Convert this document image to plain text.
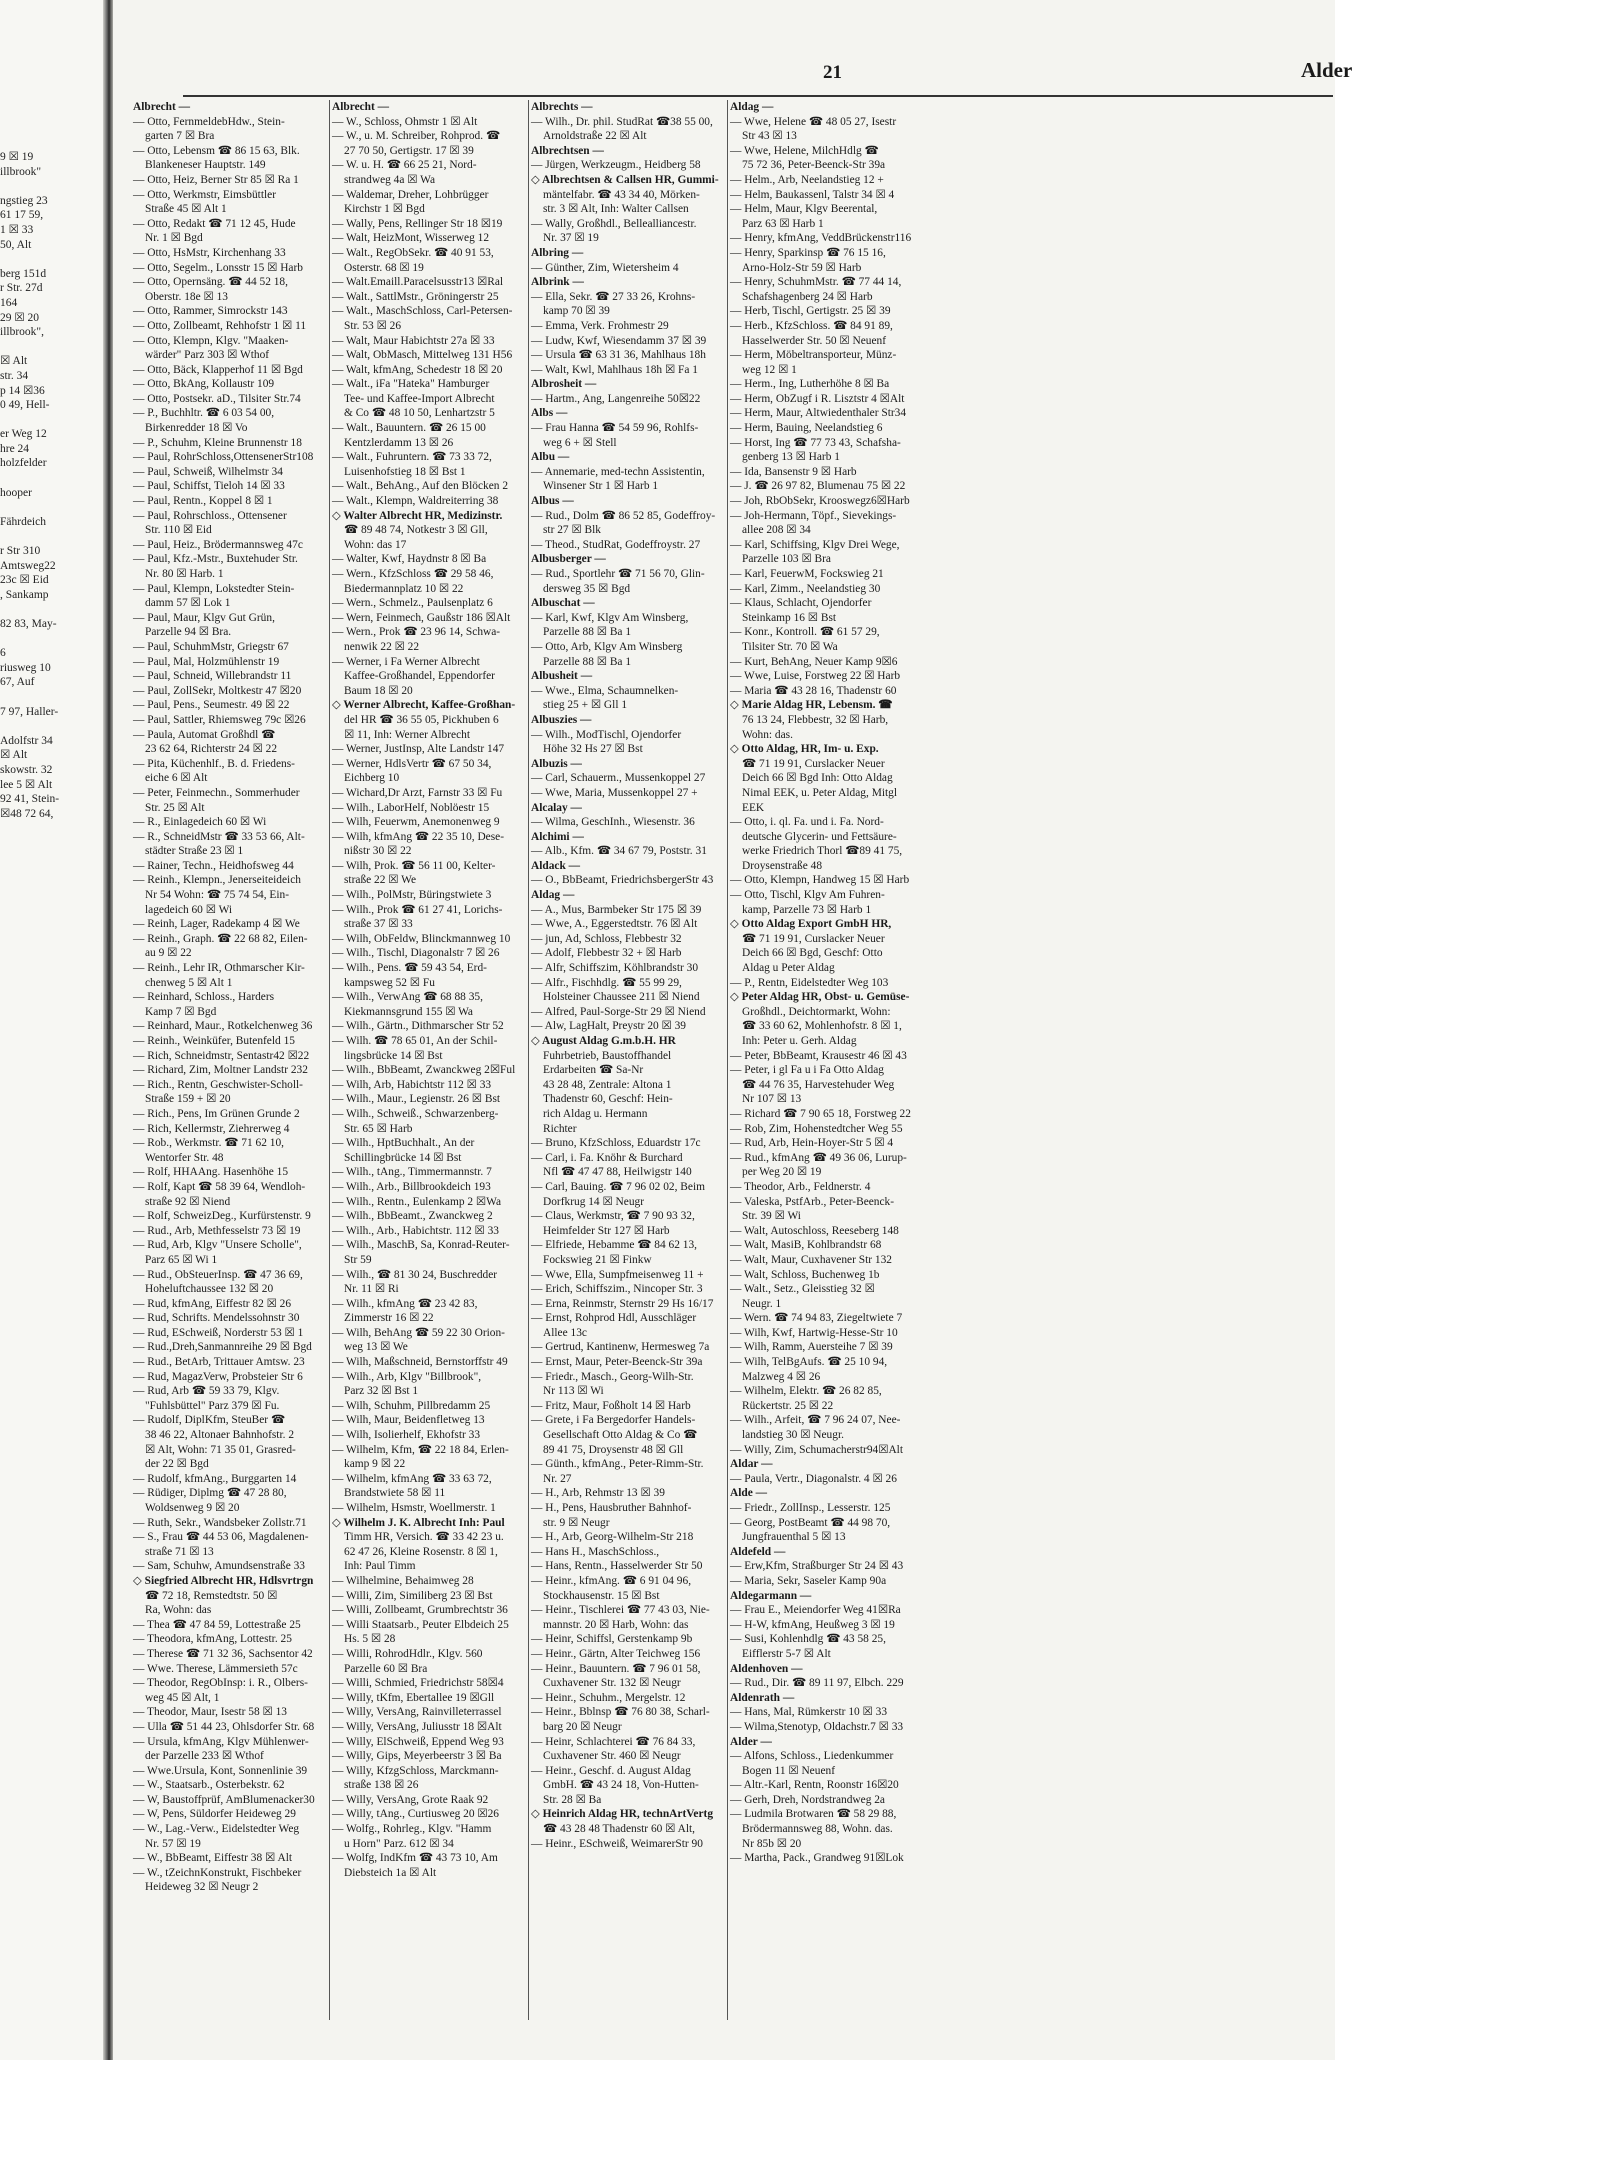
9 ☒ 19
illbrook"
ngstieg 23
61 17 59,
1 ☒ 33
50, Alt
berg 151d
r Str. 27d
164
29 ☒ 20
illbrook",
☒ Alt
str. 34
p 14 ☒36
0 49, Hell-
er Weg 12
hre 24
holzfelder
hooper
Fährdeich
r Str 310
Amtsweg22
23c ☒ Eid
, Sankamp
82 83, May-
6
riusweg 10
67, Auf
7 97, Haller-
Adolfstr 34
☒ Alt
skowstr. 32
lee 5 ☒ Alt
92 41, Stein-
☒48 72 64,
21	Alder
Albrecht —
— Otto, FernmeldebHdw., Stein-
garten 7 ☒ Bra
— Otto, Lebensm ☎ 86 15 63, Blk.
Blankeneser Hauptstr. 149
— Otto, Heiz, Berner Str 85 ☒ Ra 1
— Otto, Werkmstr, Eimsbüttler
Straße 45 ☒ Alt 1
— Otto, Redakt ☎ 71 12 45, Hude
Nr. 1 ☒ Bgd
— Otto, HsMstr, Kirchenhang 33
— Otto, Segelm., Lonsstr 15 ☒ Harb
— Otto, Opernsäng. ☎ 44 52 18,
Oberstr. 18e ☒ 13
— Otto, Rammer, Simrockstr 143
— Otto, Zollbeamt, Rehhofstr 1 ☒ 11
— Otto, Klempn, Klgv. "Maaken-
wärder" Parz 303 ☒ Wthof
— Otto, Bäck, Klapperhof 11 ☒ Bgd
— Otto, BkAng, Kollaustr 109
— Otto, Postsekr. aD., Tilsiter Str.74
— P., Buchhltr. ☎ 6 03 54 00,
Birkenredder 18 ☒ Vo
— P., Schuhm, Kleine Brunnenstr 18
— Paul, RohrSchloss,OttensenerStr108
— Paul, Schweiß, Wilhelmstr 34
— Paul, Schiffst, Tieloh 14 ☒ 33
— Paul, Rentn., Koppel 8 ☒ 1
— Paul, Rohrschloss., Ottensener
Str. 110 ☒ Eid
— Paul, Heiz., Brödermannsweg 47c
— Paul, Kfz.-Mstr., Buxtehuder Str.
Nr. 80 ☒ Harb. 1
— Paul, Klempn, Lokstedter Stein-
damm 57 ☒ Lok 1
— Paul, Maur, Klgv Gut Grün,
Parzelle 94 ☒ Bra.
— Paul, SchuhmMstr, Griegstr 67
— Paul, Mal, Holzmühlenstr 19
— Paul, Schneid, Willebrandstr 11
— Paul, ZollSekr, Moltkestr 47 ☒20
— Paul, Pens., Seumestr. 49 ☒ 22
— Paul, Sattler, Rhiemsweg 79c ☒26
— Paula, Automat Großhdl ☎
23 62 64, Richterstr 24 ☒ 22
— Pita, Küchenhlf., B. d. Friedens-
eiche 6 ☒ Alt
— Peter, Feinmechn., Sommerhuder
Str. 25 ☒ Alt
— R., Einlagedeich 60 ☒ Wi
— R., SchneidMstr ☎ 33 53 66, Alt-
städter Straße 23 ☒ 1
— Rainer, Techn., Heidhofsweg 44
— Reinh., Klempn., Jenerseiteideich
Nr 54 Wohn: ☎ 75 74 54, Ein-
lagedeich 60 ☒ Wi
— Reinh, Lager, Radekamp 4 ☒ We
— Reinh., Graph. ☎ 22 68 82, Eilen-
au 9 ☒ 22
— Reinh., Lehr IR, Othmarscher Kir-
chenweg 5 ☒ Alt 1
— Reinhard, Schloss., Harders
Kamp 7 ☒ Bgd
— Reinhard, Maur., Rotkelchenweg 36
— Reinh., Weinküfer, Butenfeld 15
— Rich, Schneidmstr, Sentastr42 ☒22
— Richard, Zim, Moltner Landstr 232
— Rich., Rentn, Geschwister-Scholl-
Straße 159 + ☒ 20
— Rich., Pens, Im Grünen Grunde 2
— Rich, Kellermstr, Ziehrerweg 4
— Rob., Werkmstr. ☎ 71 62 10,
Wentorfer Str. 48
— Rolf, HHAAng. Hasenhöhe 15
— Rolf, Kapt ☎ 58 39 64, Wendloh-
straße 92 ☒ Niend
— Rolf, SchweizDeg., Kurfürstenstr. 9
— Rud., Arb, Methfesselstr 73 ☒ 19
— Rud, Arb, Klgv "Unsere Scholle",
Parz 65 ☒ Wi 1
— Rud., ObSteuerInsp. ☎ 47 36 69,
Hoheluftchaussee 132 ☒ 20
— Rud, kfmAng, Eiffestr 82 ☒ 26
— Rud, Schrifts. Mendelssohnstr 30
— Rud, ESchweiß, Norderstr 53 ☒ 1
— Rud.,Dreh,Sanmannreihe 29 ☒ Bgd
— Rud., BetArb, Trittauer Amtsw. 23
— Rud, MagazVerw, Probsteier Str 6
— Rud, Arb ☎ 59 33 79, Klgv.
"Fuhlsbüttel" Parz 379 ☒ Fu.
— Rudolf, DiplKfm, SteuBer ☎
38 46 22, Altonaer Bahnhofstr. 2
☒ Alt, Wohn: 71 35 01, Grasred-
der 22 ☒ Bgd
— Rudolf, kfmAng., Burggarten 14
— Rüdiger, Diplmg ☎ 47 28 80,
Woldsenweg 9 ☒ 20
— Ruth, Sekr., Wandsbeker Zollstr.71
— S., Frau ☎ 44 53 06, Magdalenen-
straße 71 ☒ 13
— Sam, Schuhw, Amundsenstraße 33
◇ Siegfried Albrecht HR, Hdlsvrtrgn
☎ 72 18, Remstedtstr. 50 ☒
Ra, Wohn: das
— Thea ☎ 47 84 59, Lottestraße 25
— Theodora, kfmAng, Lottestr. 25
— Therese ☎ 71 32 36, Sachsentor 42
— Wwe. Therese, Lämmersieth 57c
— Theodor, RegObInsp: i. R., Olbers-
weg 45 ☒ Alt, 1
— Theodor, Maur, Isestr 58 ☒ 13
— Ulla ☎ 51 44 23, Ohlsdorfer Str. 68
— Ursula, kfmAng, Klgv Mühlenwer-
der Parzelle 233 ☒ Wthof
— Wwe.Ursula, Kont, Sonnenlinie 39
— W., Staatsarb., Osterbekstr. 62
— W, Baustoffprüf, AmBlumenacker30
— W, Pens, Süldorfer Heideweg 29
— W., Lag.-Verw., Eidelstedter Weg
Nr. 57 ☒ 19
— W., BbBeamt, Eiffestr 38 ☒ Alt
— W., tZeichnKonstrukt, Fischbeker
Heideweg 32 ☒ Neugr 2
Albrecht —
— W., Schloss, Ohmstr 1 ☒ Alt
— W., u. M. Schreiber, Rohprod. ☎
27 70 50, Gertigstr. 17 ☒ 39
— W. u. H. ☎ 66 25 21, Nord-
strandweg 4a ☒ Wa
— Waldemar, Dreher, Lohbrügger
Kirchstr 1 ☒ Bgd
— Wally, Pens, Rellinger Str 18 ☒19
— Walt, HeizMont, Wisserweg 12
— Walt., RegObSekr. ☎ 40 91 53,
Osterstr. 68 ☒ 19
— Walt.Emaill.Paracelsusstr13 ☒Ral
— Walt., SattlMstr., Gröningerstr 25
— Walt., MaschSchloss, Carl-Petersen-
Str. 53 ☒ 26
— Walt, Maur Habichtstr 27a ☒ 33
— Walt, ObMasch, Mittelweg 131 H56
— Walt, kfmAng, Schedestr 18 ☒ 20
— Walt., iFa "Hateka" Hamburger
Tee- und Kaffee-Import Albrecht
& Co ☎ 48 10 50, Lenhartzstr 5
— Walt., Bauuntern. ☎ 26 15 00
Kentzlerdamm 13 ☒ 26
— Walt., Fuhruntern. ☎ 73 33 72,
Luisenhofstieg 18 ☒ Bst 1
— Walt., BehAng., Auf den Blöcken 2
— Walt., Klempn, Waldreiterring 38
◇ Walter Albrecht HR, Medizinstr.
☎ 89 48 74, Notkestr 3 ☒ Gll,
Wohn: das 17
— Walter, Kwf, Haydnstr 8 ☒ Ba
— Wern., KfzSchloss ☎ 29 58 46,
Biedermannplatz 10 ☒ 22
— Wern., Schmelz., Paulsenplatz 6
— Wern, Feinmech, Gaußstr 186 ☒Alt
— Wern., Prok ☎ 23 96 14, Schwa-
nenwik 22 ☒ 22
— Werner, i Fa Werner Albrecht
Kaffee-Großhandel, Eppendorfer
Baum 18 ☒ 20
◇ Werner Albrecht, Kaffee-Großhan-
del HR ☎ 36 55 05, Pickhuben 6
☒ 11, Inh: Werner Albrecht
— Werner, JustInsp, Alte Landstr 147
— Werner, HdlsVertr ☎ 67 50 34,
Eichberg 10
— Wichard,Dr Arzt, Farnstr 33 ☒ Fu
— Wilh., LaborHelf, Noblöestr 15
— Wilh, Feuerwm, Anemonenweg 9
— Wilh, kfmAng ☎ 22 35 10, Dese-
nißstr 30 ☒ 22
— Wilh, Prok. ☎ 56 11 00, Kelter-
straße 22 ☒ We
— Wilh., PolMstr, Büringstwiete 3
— Wilh., Prok ☎ 61 27 41, Lorichs-
straße 37 ☒ 33
— Wilh, ObFeldw, Blinckmannweg 10
— Wilh., Tischl, Diagonalstr 7 ☒ 26
— Wilh., Pens. ☎ 59 43 54, Erd-
kampsweg 52 ☒ Fu
— Wilh., VerwAng ☎ 68 88 35,
Kiekmannsgrund 155 ☒ Wa
— Wilh., Gärtn., Dithmarscher Str 52
— Wilh. ☎ 78 65 01, An der Schil-
lingsbrücke 14 ☒ Bst
— Wilh., BbBeamt, Zwanckweg 2☒Ful
— Wilh, Arb, Habichtstr 112 ☒ 33
— Wilh., Maur., Legienstr. 26 ☒ Bst
— Wilh., Schweiß., Schwarzenberg-
Str. 65 ☒ Harb
— Wilh., HptBuchhalt., An der
Schillingbrücke 14 ☒ Bst
— Wilh., tAng., Timmermannstr. 7
— Wilh., Arb., Billbrookdeich 193
— Wilh., Rentn., Eulenkamp 2 ☒Wa
— Wilh., BbBeamt., Zwanckweg 2
— Wilh., Arb., Habichtstr. 112 ☒ 33
— Wilh., MaschB, Sa, Konrad-Reuter-
Str 59
— Wilh., ☎ 81 30 24, Buschredder
Nr. 11 ☒ Ri
— Wilh., kfmAng ☎ 23 42 83,
Zimmerstr 16 ☒ 22
— Wilh, BehAng ☎ 59 22 30 Orion-
weg 13 ☒ We
— Wilh, Maßschneid, Bernstorffstr 49
— Wilh., Arb, Klgv "Billbrook",
Parz 32 ☒ Bst 1
— Wilh, Schuhm, Pillbredamm 25
— Wilh, Maur, Beidenfletweg 13
— Wilh, Isolierhelf, Ekhofstr 33
— Wilhelm, Kfm, ☎ 22 18 84, Erlen-
kamp 9 ☒ 22
— Wilhelm, kfmAng ☎ 33 63 72,
Brandstwiete 58 ☒ 11
— Wilhelm, Hsmstr, Woellmerstr. 1
◇ Wilhelm J. K. Albrecht Inh: Paul
Timm HR, Versich. ☎ 33 42 23 u.
62 47 26, Kleine Rosenstr. 8 ☒ 1,
Inh: Paul Timm
— Wilhelmine, Behaimweg 28
— Willi, Zim, Similiberg 23 ☒ Bst
— Willi, Zollbeamt, Grumbrechtstr 36
— Willi Staatsarb., Peuter Elbdeich 25
Hs. 5 ☒ 28
— Willi, RohrodHdlr., Klgv. 560
Parzelle 60 ☒ Bra
— Willi, Schmied, Friedrichstr 58☒4
— Willy, tKfm, Ebertallee 19 ☒Gll
— Willy, VersAng, Rainvilleterrassel
— Willy, VersAng, Juliusstr 18 ☒Alt
— Willy, ElSchweiß, Eppend Weg 93
— Willy, Gips, Meyerbeerstr 3 ☒ Ba
— Willy, KfzgSchloss, Marckmann-
straße 138 ☒ 26
— Willy, VersAng, Grote Raak 92
— Willy, tAng., Curtiusweg 20 ☒26
— Wolfg., Rohrleg., Klgv. "Hamm
u Horn" Parz. 612 ☒ 34
— Wolfg, IndKfm ☎ 43 73 10, Am
Diebsteich 1a ☒ Alt
Albrechts —
— Wilh., Dr. phil. StudRat ☎38 55 00,
Arnoldstraße 22 ☒ Alt
Albrechtsen —
— Jürgen, Werkzeugm., Heidberg 58
◇ Albrechtsen & Callsen HR, Gummi-
mäntelfabr. ☎ 43 34 40, Mörken-
str. 3 ☒ Alt, Inh: Walter Callsen
— Wally, Großhdl., Bellealliancestr.
Nr. 37 ☒ 19
Albring —
— Günther, Zim, Wietersheim 4
Albrink —
— Ella, Sekr. ☎ 27 33 26, Krohns-
kamp 70 ☒ 39
— Emma, Verk. Frohmestr 29
— Ludw, Kwf, Wiesendamm 37 ☒ 39
— Ursula ☎ 63 31 36, Mahlhaus 18h
— Walt, Kwl, Mahlhaus 18h ☒ Fa 1
Albrosheit —
— Hartm., Ang, Langenreihe 50☒22
Albs —
— Frau Hanna ☎ 54 59 96, Rohlfs-
weg 6 + ☒ Stell
Albu —
— Annemarie, med-techn Assistentin,
Winsener Str 1 ☒ Harb 1
Albus —
— Rud., Dolm ☎ 86 52 85, Godeffroy-
str 27 ☒ Blk
— Theod., StudRat, Godeffroystr. 27
Albusberger —
— Rud., Sportlehr ☎ 71 56 70, Glin-
dersweg 35 ☒ Bgd
Albuschat —
— Karl, Kwf, Klgv Am Winsberg,
Parzelle 88 ☒ Ba 1
— Otto, Arb, Klgv Am Winsberg
Parzelle 88 ☒ Ba 1
Albusheit —
— Wwe., Elma, Schaumnelken-
stieg 25 + ☒ Gll 1
Albuszies —
— Wilh., ModTischl, Ojendorfer
Höhe 32 Hs 27 ☒ Bst
Albuzis —
— Carl, Schauerm., Mussenkoppel 27
— Wwe, Maria, Mussenkoppel 27 +
Alcalay —
— Wilma, GeschInh., Wiesenstr. 36
Alchimi —
— Alb., Kfm. ☎ 34 67 79, Poststr. 31
Aldack —
— O., BbBeamt, FriedrichsbergerStr 43
Aldag —
— A., Mus, Barmbeker Str 175 ☒ 39
— Wwe, A., Eggerstedtstr. 76 ☒ Alt
— jun, Ad, Schloss, Flebbestr 32
— Adolf, Flebbestr 32 + ☒ Harb
— Alfr, Schiffszim, Köhlbrandstr 30
— Alfr., Fischhdlg. ☎ 55 99 29,
Holsteiner Chaussee 211 ☒ Niend
— Alfred, Paul-Sorge-Str 29 ☒ Niend
— Alw, LagHalt, Preystr 20 ☒ 39
◇ August Aldag G.m.b.H. HR
Fuhrbetrieb, Baustoffhandel
Erdarbeiten ☎ Sa-Nr
43 28 48, Zentrale: Altona 1
Thadenstr 60, Geschf: Hein-
rich Aldag u. Hermann
Richter
— Bruno, KfzSchloss, Eduardstr 17c
— Carl, i. Fa. Knöhr & Burchard
Nfl ☎ 47 47 88, Heilwigstr 140
— Carl, Bauing. ☎ 7 96 02 02, Beim
Dorfkrug 14 ☒ Neugr
— Claus, Werkmstr, ☎ 7 90 93 32,
Heimfelder Str 127 ☒ Harb
— Elfriede, Hebamme ☎ 84 62 13,
Fockswieg 21 ☒ Finkw
— Wwe, Ella, Sumpfmeisenweg 11 +
— Erich, Schiffszim., Nincoper Str. 3
— Erna, Reinmstr, Sternstr 29 Hs 16/17
— Ernst, Rohprod Hdl, Ausschläger
Allee 13c
— Gertrud, Kantinenw, Hermesweg 7a
— Ernst, Maur, Peter-Beenck-Str 39a
— Friedr., Masch., Georg-Wilh-Str.
Nr 113 ☒ Wi
— Fritz, Maur, Foßholt 14 ☒ Harb
— Grete, i Fa Bergedorfer Handels-
Gesellschaft Otto Aldag & Co ☎
89 41 75, Droysenstr 48 ☒ Gll
— Günth., kfmAng., Peter-Rimm-Str.
Nr. 27
— H., Arb, Rehmstr 13 ☒ 39
— H., Pens, Hausbruther Bahnhof-
str. 9 ☒ Neugr
— H., Arb, Georg-Wilhelm-Str 218
— Hans H., MaschSchloss.,
— Hans, Rentn., Hasselwerder Str 50
— Heinr., kfmAng. ☎ 6 91 04 96,
Stockhausenstr. 15 ☒ Bst
— Heinr., Tischlerei ☎ 77 43 03, Nie-
mannstr. 20 ☒ Harb, Wohn: das
— Heinr, Schiffsl, Gerstenkamp 9b
— Heinr., Gärtn, Alter Teichweg 156
— Heinr., Bauuntern. ☎ 7 96 01 58,
Cuxhavener Str. 132 ☒ Neugr
— Heinr., Schuhm., Mergelstr. 12
— Heinr., Bblnsp ☎ 76 80 38, Scharl-
barg 20 ☒ Neugr
— Heinr, Schlachterei ☎ 76 84 33,
Cuxhavener Str. 460 ☒ Neugr
— Heinr., Geschf. d. August Aldag
GmbH. ☎ 43 24 18, Von-Hutten-
Str. 28 ☒ Ba
◇ Heinrich Aldag HR, technArtVertg
☎ 43 28 48 Thadenstr 60 ☒ Alt,
— Heinr., ESchweiß, WeimarerStr 90
Aldag —
— Wwe, Helene ☎ 48 05 27, Isestr
Str 43 ☒ 13
— Wwe, Helene, MilchHdlg ☎
75 72 36, Peter-Beenck-Str 39a
— Helm., Arb, Neelandstieg 12 +
— Helm, Baukassenl, Talstr 34 ☒ 4
— Helm, Maur, Klgv Beerental,
Parz 63 ☒ Harb 1
— Henry, kfmAng, VeddBrückenstr116
— Henry, Sparkinsp ☎ 76 15 16,
Arno-Holz-Str 59 ☒ Harb
— Henry, SchuhmMstr. ☎ 77 44 14,
Schafshagenberg 24 ☒ Harb
— Herb, Tischl, Gertigstr. 25 ☒ 39
— Herb., KfzSchloss. ☎ 84 91 89,
Hasselwerder Str. 50 ☒ Neuenf
— Herm, Möbeltransporteur, Münz-
weg 12 ☒ 1
— Herm., Ing, Lutherhöhe 8 ☒ Ba
— Herm, ObZugf i R. Lisztstr 4 ☒Alt
— Herm, Maur, Altwiedenthaler Str34
— Herm, Bauing, Neelandstieg 6
— Horst, Ing ☎ 77 73 43, Schafsha-
genberg 13 ☒ Harb 1
— Ida, Bansenstr 9 ☒ Harb
— J. ☎ 26 97 82, Blumenau 75 ☒ 22
— Joh, RbObSekr, Krooswegz6☒Harb
— Joh-Hermann, Töpf., Sievekings-
allee 208 ☒ 34
— Karl, Schiffsing, Klgv Drei Wege,
Parzelle 103 ☒ Bra
— Karl, FeuerwM, Fockswieg 21
— Karl, Zimm., Neelandstieg 30
— Klaus, Schlacht, Ojendorfer
Steinkamp 16 ☒ Bst
— Konr., Kontroll. ☎ 61 57 29,
Tilsiter Str. 70 ☒ Wa
— Kurt, BehAng, Neuer Kamp 9☒6
— Wwe, Luise, Forstweg 22 ☒ Harb
— Maria ☎ 43 28 16, Thadenstr 60
◇ Marie Aldag HR, Lebensm. ☎
76 13 24, Flebbestr, 32 ☒ Harb,
Wohn: das.
◇ Otto Aldag, HR, Im- u. Exp.
☎ 71 19 91, Curslacker Neuer
Deich 66 ☒ Bgd Inh: Otto Aldag
Nimal EEK, u. Peter Aldag, Mitgl
EEK
— Otto, i. ql. Fa. und i. Fa. Nord-
deutsche Glycerin- und Fettsäure-
werke Friedrich Thorl ☎89 41 75,
Droysenstraße 48
— Otto, Klempn, Handweg 15 ☒ Harb
— Otto, Tischl, Klgv Am Fuhren-
kamp, Parzelle 73 ☒ Harb 1
◇ Otto Aldag Export GmbH HR,
☎ 71 19 91, Curslacker Neuer
Deich 66 ☒ Bgd, Geschf: Otto
Aldag u Peter Aldag
— P., Rentn, Eidelstedter Weg 103
◇ Peter Aldag HR, Obst- u. Gemüse-
Großhdl., Deichtormarkt, Wohn:
☎ 33 60 62, Mohlenhofstr. 8 ☒ 1,
Inh: Peter u. Gerh. Aldag
— Peter, BbBeamt, Krausestr 46 ☒ 43
— Peter, i gl Fa u i Fa Otto Aldag
☎ 44 76 35, Harvestehuder Weg
Nr 107 ☒ 13
— Richard ☎ 7 90 65 18, Forstweg 22
— Rob, Zim, Hohenstedtcher Weg 55
— Rud, Arb, Hein-Hoyer-Str 5 ☒ 4
— Rud., kfmAng ☎ 49 36 06, Lurup-
per Weg 20 ☒ 19
— Theodor, Arb., Feldnerstr. 4
— Valeska, PstfArb., Peter-Beenck-
Str. 39 ☒ Wi
— Walt, Autoschloss, Reeseberg 148
— Walt, MasiB, Kohlbrandstr 68
— Walt, Maur, Cuxhavener Str 132
— Walt, Schloss, Buchenweg 1b
— Walt., Setz., Gleisstieg 32 ☒
Neugr. 1
— Wern. ☎ 74 94 83, Ziegeltwiete 7
— Wilh, Kwf, Hartwig-Hesse-Str 10
— Wilh, Ramm, Auersteihe 7 ☒ 39
— Wilh, TelBgAufs. ☎ 25 10 94,
Malzweg 4 ☒ 26
— Wilhelm, Elektr. ☎ 26 82 85,
Rückertstr. 25 ☒ 22
— Wilh., Arfeit, ☎ 7 96 24 07, Nee-
landstieg 30 ☒ Neugr.
— Willy, Zim, Schumacherstr94☒Alt
Aldar —
— Paula, Vertr., Diagonalstr. 4 ☒ 26
Alde —
— Friedr., ZollInsp., Lesserstr. 125
— Georg, PostBeamt ☎ 44 98 70,
Jungfrauenthal 5 ☒ 13
Aldefeld —
— Erw,Kfm, Straßburger Str 24 ☒ 43
— Maria, Sekr, Saseler Kamp 90a
Aldegarmann —
— Frau E., Meiendorfer Weg 41☒Ra
— H-W, kfmAng, Heußweg 3 ☒ 19
— Susi, Kohlenhdlg ☎ 43 58 25,
Eifflerstr 5-7 ☒ Alt
Aldenhoven —
— Rud., Dir. ☎ 89 11 97, Elbch. 229
Aldenrath —
— Hans, Mal, Rümkerstr 10 ☒ 33
— Wilma,Stenotyp, Oldachstr.7 ☒ 33
Alder —
— Alfons, Schloss., Liedenkummer
Bogen 11 ☒ Neuenf
— Altr.-Karl, Rentn, Roonstr 16☒20
— Gerh, Dreh, Nordstrandweg 2a
— Ludmila Brotwaren ☎ 58 29 88,
Brödermannsweg 88, Wohn. das.
Nr 85b ☒ 20
— Martha, Pack., Grandweg 91☒Lok
